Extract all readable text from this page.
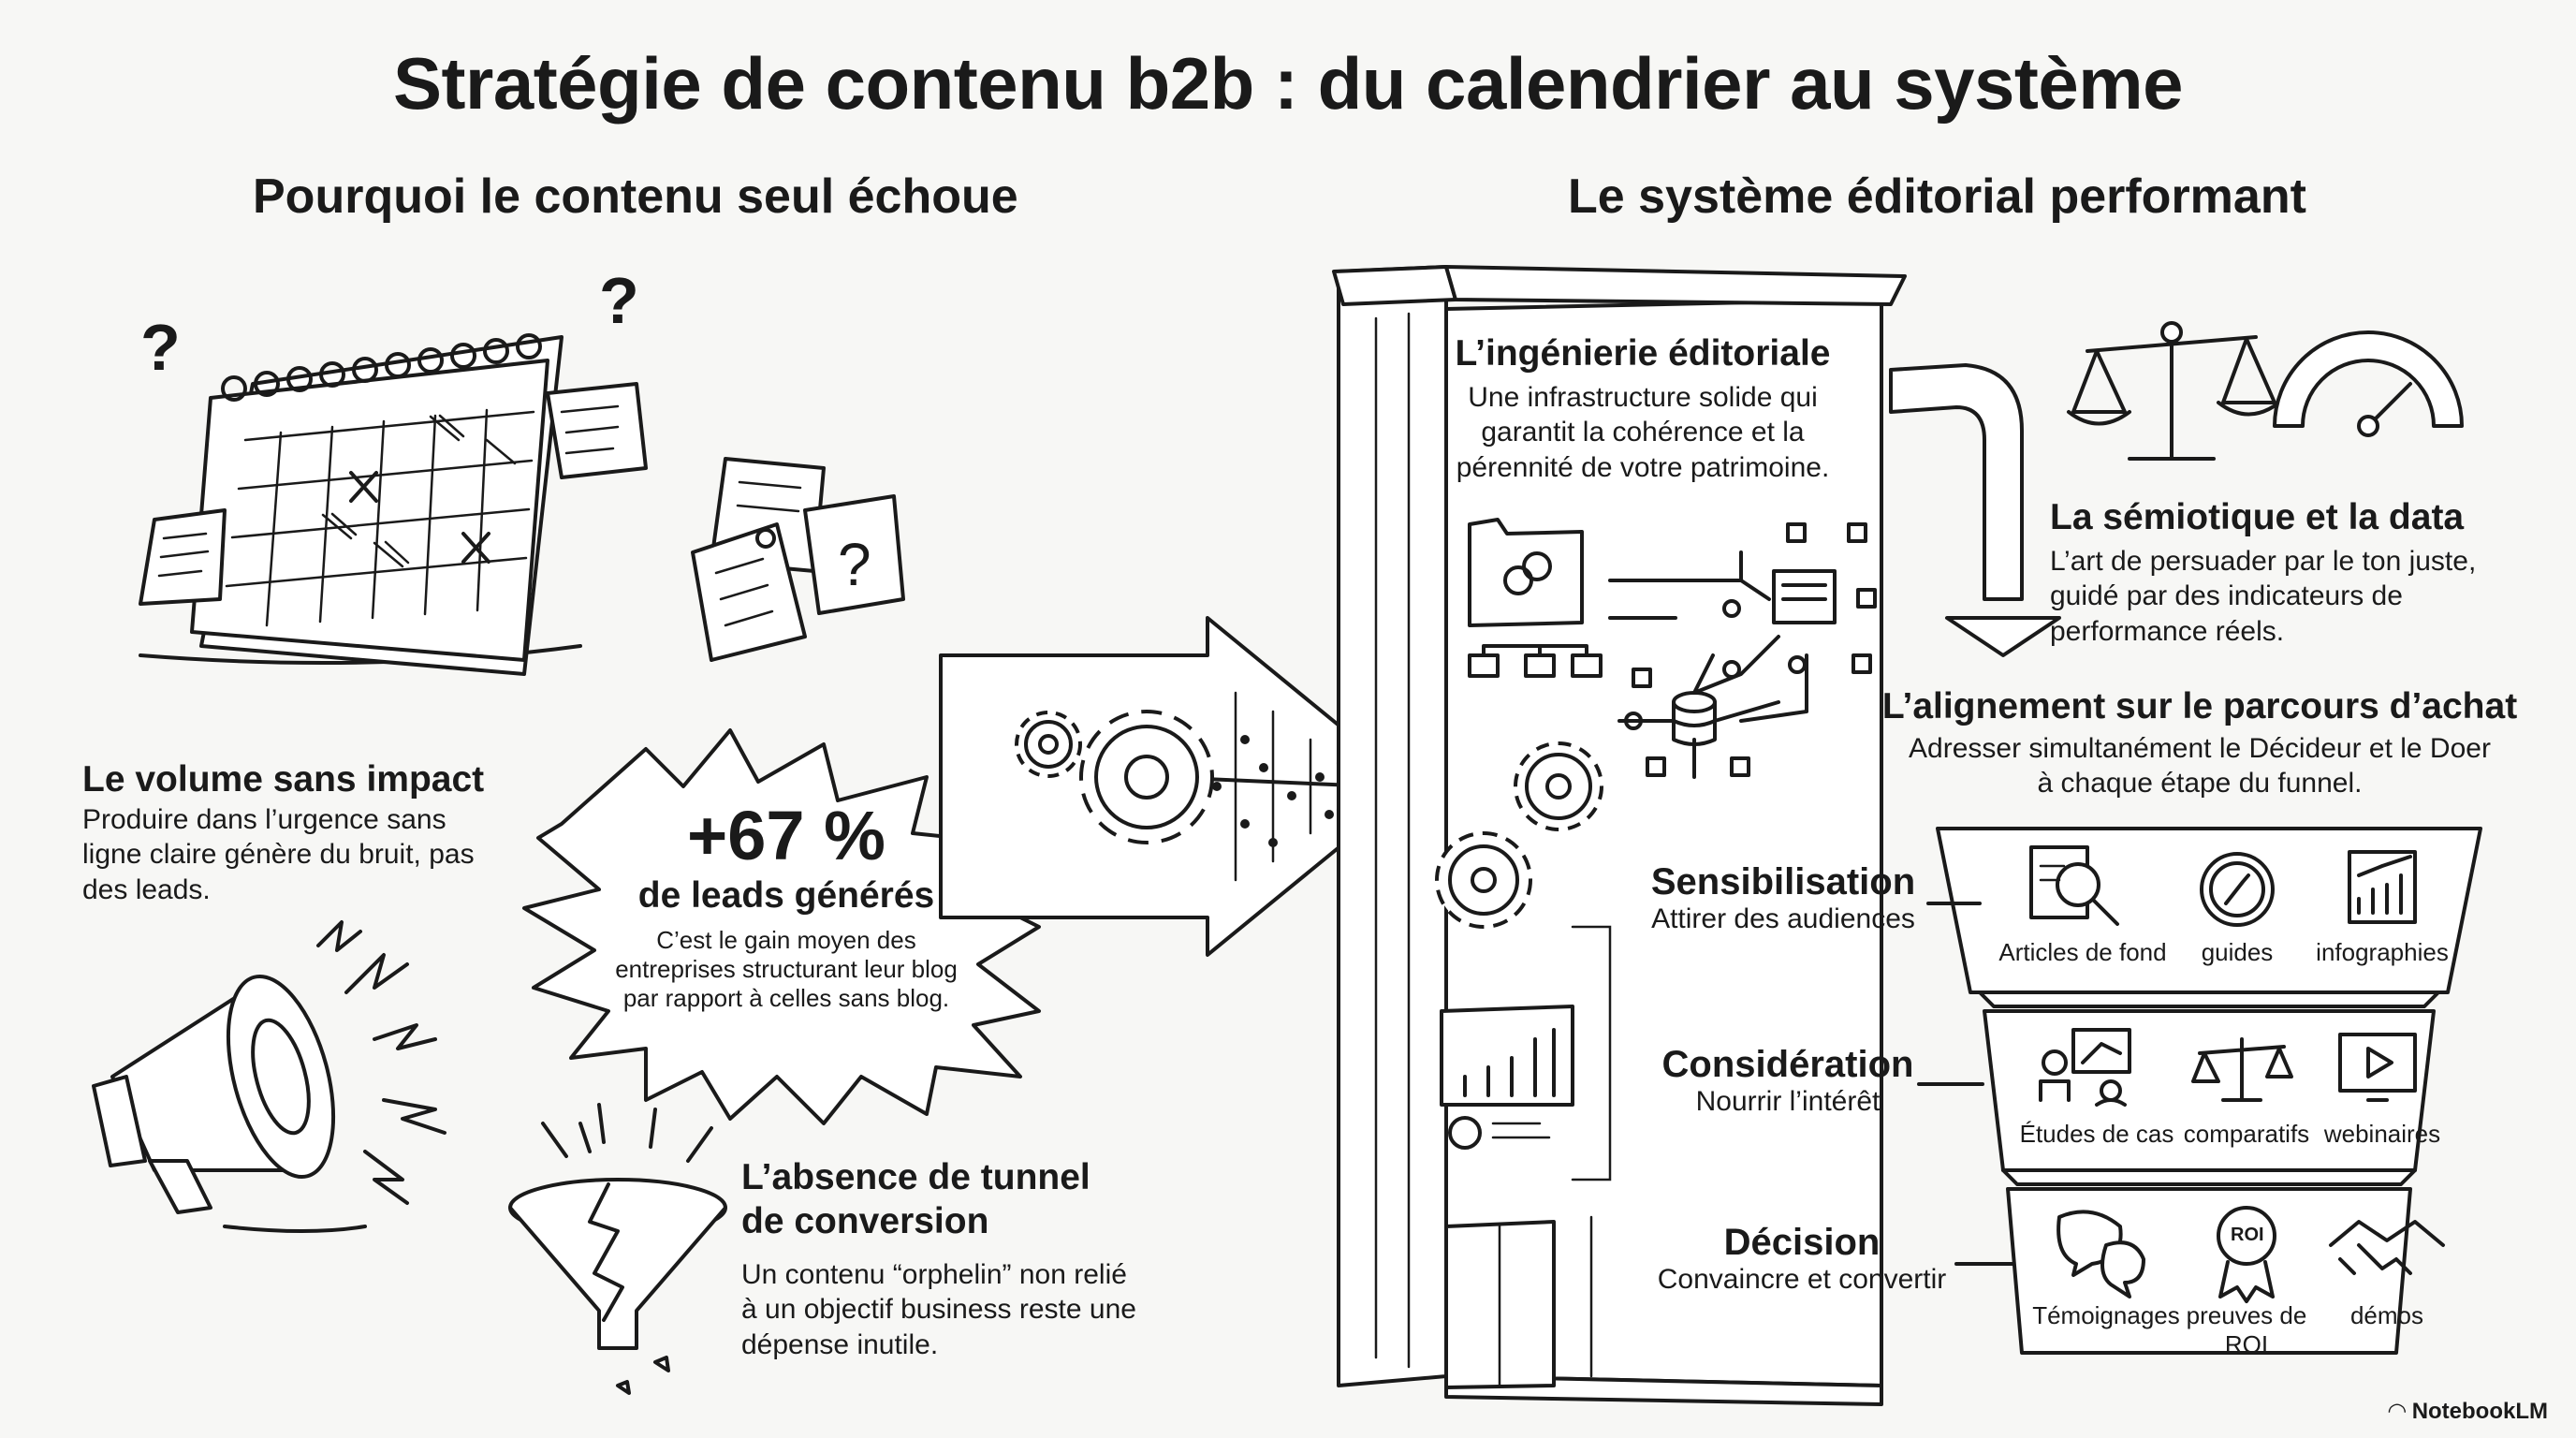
?
?
?
Stratégie de contenu b2b : du calendrier au système
Pourquoi le contenu seul échoue	Le système éditorial performant
Le volume sans impact
Produire dans l’urgence sans
ligne claire génère du bruit, pas
des leads.
+67 %
de leads générés
C’est le gain moyen des
entreprises structurant leur blog
par rapport à celles sans blog.
L’absence de tunnel
de conversion
Un contenu “orphelin” non relié
à un objectif business reste une
dépense inutile.
L’ingénierie éditoriale
Une infrastructure solide qui
garantit la cohérence et la
pérennité de votre patrimoine.
La sémiotique et la data
L’art de persuader par le ton juste,
guidé par des indicateurs de
performance réels.
L’alignement sur le parcours d’achat
Adresser simultanément le Décideur et le Doer
à chaque étape du funnel.
Sensibilisation
Attirer des audiences
Considération
Nourrir l’intérêt
Décision
Convaincre et convertir
Articles de fond	guides	infographies
Études de cas comparatifs webinaires
Témoignages preuves de
ROI
démos
ROI
◠ NotebookLM
